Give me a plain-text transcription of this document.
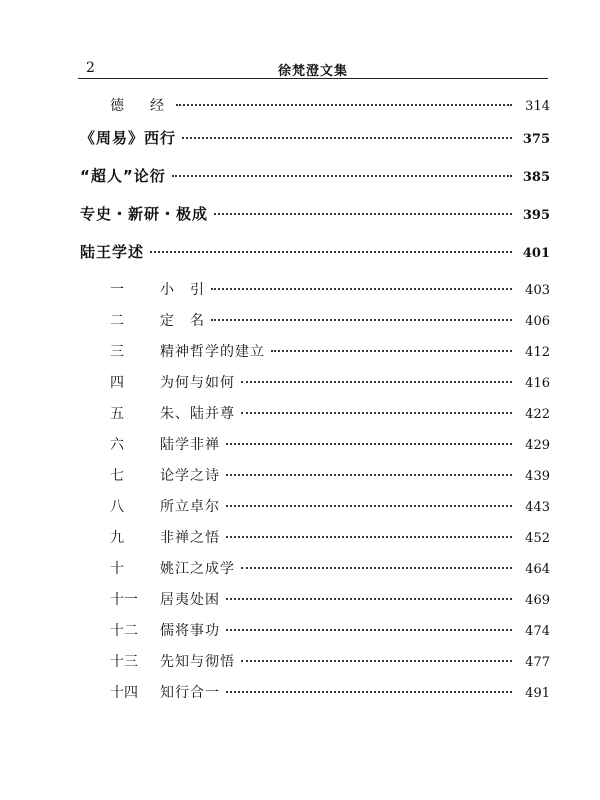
2	徐梵澄文集
德　经	314
《周易》西行	375
“超人”论衍	385
专史・新研・极成	395
陆王学述	401
一	小　引	403
二	定　名	406
三	精神哲学的建立	412
四	为何与如何	416
五	朱、陆并尊	422
六	陆学非禅	429
七	论学之诗	439
八	所立卓尔	443
九	非禅之悟	452
十	姚江之成学	464
十一	居夷处困	469
十二	儒将事功	474
十三	先知与彻悟	477
十四	知行合一	491
